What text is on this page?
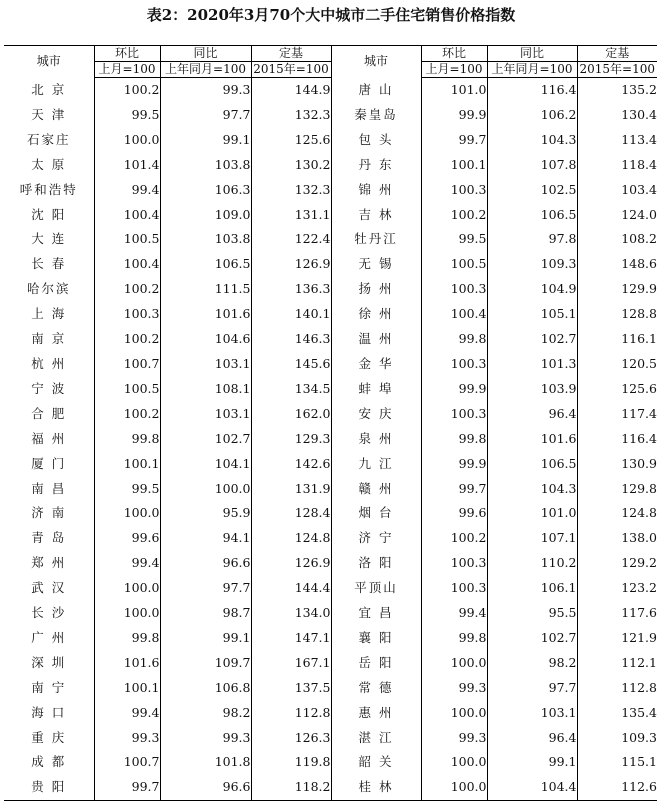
表2：2020年3月70个大中城市二手住宅销售价格指数
城市	环比	同比	定基	城市	环比	同比	定基
	上月=100	上年同月=100	2015年=100		上月=100	上年同月=100	2015年=100
北 京	100.2	99.3	144.9	唐 山	101.0	116.4	135.2
天 津	99.5	97.7	132.3	秦皇岛	99.9	106.2	130.4
石家庄	100.0	99.1	125.6	包 头	99.7	104.3	113.4
太 原	101.4	103.8	130.2	丹 东	100.1	107.8	118.4
呼和浩特	99.4	106.3	132.3	锦 州	100.3	102.5	103.4
沈 阳	100.4	109.0	131.1	吉 林	100.2	106.5	124.0
大 连	100.5	103.8	122.4	牡丹江	99.5	97.8	108.2
长 春	100.4	106.5	126.9	无 锡	100.5	109.3	148.6
哈尔滨	100.2	111.5	136.3	扬 州	100.3	104.9	129.9
上 海	100.3	101.6	140.1	徐 州	100.4	105.1	128.8
南 京	100.2	104.6	146.3	温 州	99.8	102.7	116.1
杭 州	100.7	103.1	145.6	金 华	100.3	101.3	120.5
宁 波	100.5	108.1	134.5	蚌 埠	99.9	103.9	125.6
合 肥	100.2	103.1	162.0	安 庆	100.3	96.4	117.4
福 州	99.8	102.7	129.3	泉 州	99.8	101.6	116.4
厦 门	100.1	104.1	142.6	九 江	99.9	106.5	130.9
南 昌	99.5	100.0	131.9	赣 州	99.7	104.3	129.8
济 南	100.0	95.9	128.4	烟 台	99.6	101.0	124.8
青 岛	99.6	94.1	124.8	济 宁	100.2	107.1	138.0
郑 州	99.4	96.6	126.9	洛 阳	100.3	110.2	129.2
武 汉	100.0	97.7	144.4	平顶山	100.3	106.1	123.2
长 沙	100.0	98.7	134.0	宜 昌	99.4	95.5	117.6
广 州	99.8	99.1	147.1	襄 阳	99.8	102.7	121.9
深 圳	101.6	109.7	167.1	岳 阳	100.0	98.2	112.1
南 宁	100.1	106.8	137.5	常 德	99.3	97.7	112.8
海 口	99.4	98.2	112.8	惠 州	100.0	103.1	135.4
重 庆	99.3	99.3	126.3	湛 江	99.3	96.4	109.3
成 都	100.7	101.8	119.8	韶 关	100.0	99.1	115.1
贵 阳	99.7	96.6	118.2	桂 林	100.0	104.4	112.6
